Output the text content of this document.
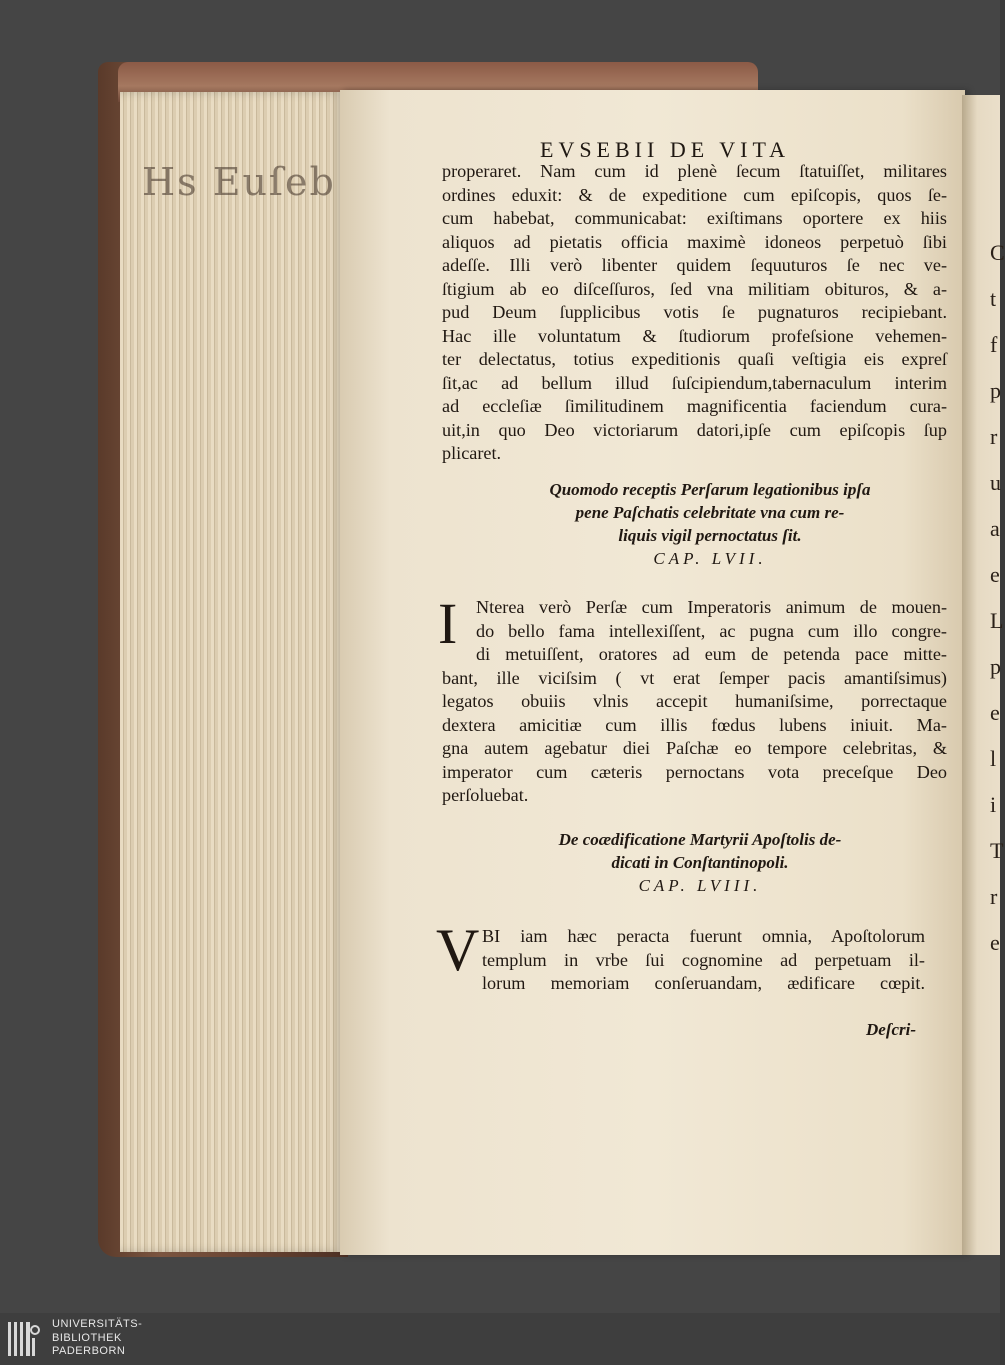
Hs Euſeb
C
t
f
p
r
u
a
e
L
p
e
l
i
T
r
e
EVSEBII DE VITA
properaret. Nam cum id plenè ſecum ſtatuiſſet, militares
ordines eduxit: & de expeditione cum epiſcopis, quos ſe-
cum habebat, communicabat: exiſtimans oportere ex hiis
aliquos ad pietatis officia maximè idoneos perpetuò ſibi
adeſſe. Illi verò libenter quidem ſequuturos ſe nec ve-
ſtigium ab eo diſceſſuros, ſed vna militiam obituros, & a-
pud Deum ſupplicibus votis ſe pugnaturos recipiebant.
Hac ille voluntatum & ſtudiorum profeſsione vehemen-
ter delectatus, totius expeditionis quaſi veſtigia eis expreſ
ſit,ac ad bellum illud ſuſcipiendum,tabernaculum interim
ad eccleſiæ ſimilitudinem magnificentia faciendum cura-
uit,in quo Deo victoriarum datori,ipſe cum epiſcopis ſup
plicaret.
Quomodo receptis Perſarum legationibus ipſa
pene Paſchatis celebritate vna cum re-
liquis vigil pernoctatus ſit.
CAP. LVII.
I Nterea verò Perſæ cum Imperatoris animum de mouen-
do bello fama intellexiſſent, ac pugna cum illo congre-
di metuiſſent, oratores ad eum de petenda pace mitte-
bant, ille viciſsim ( vt erat ſemper pacis amantiſsimus)
legatos obuiis vlnis accepit humaniſsime, porrectaque
dextera amicitiæ cum illis fœdus lubens iniuit. Ma-
gna autem agebatur diei Paſchæ eo tempore celebritas, &
imperator cum cæteris pernoctans vota preceſque Deo
perſoluebat.
De coædificatione Martyrii Apoſtolis de-
dicati in Conſtantinopoli.
CAP. LVIII.
V BI iam hæc peracta fuerunt omnia, Apoſtolorum
templum in vrbe ſui cognomine ad perpetuam il-
lorum memoriam conſeruandam, ædificare cœpit.
Deſcri-
UNIVERSITÄTS-
BIBLIOTHEK
PADERBORN
